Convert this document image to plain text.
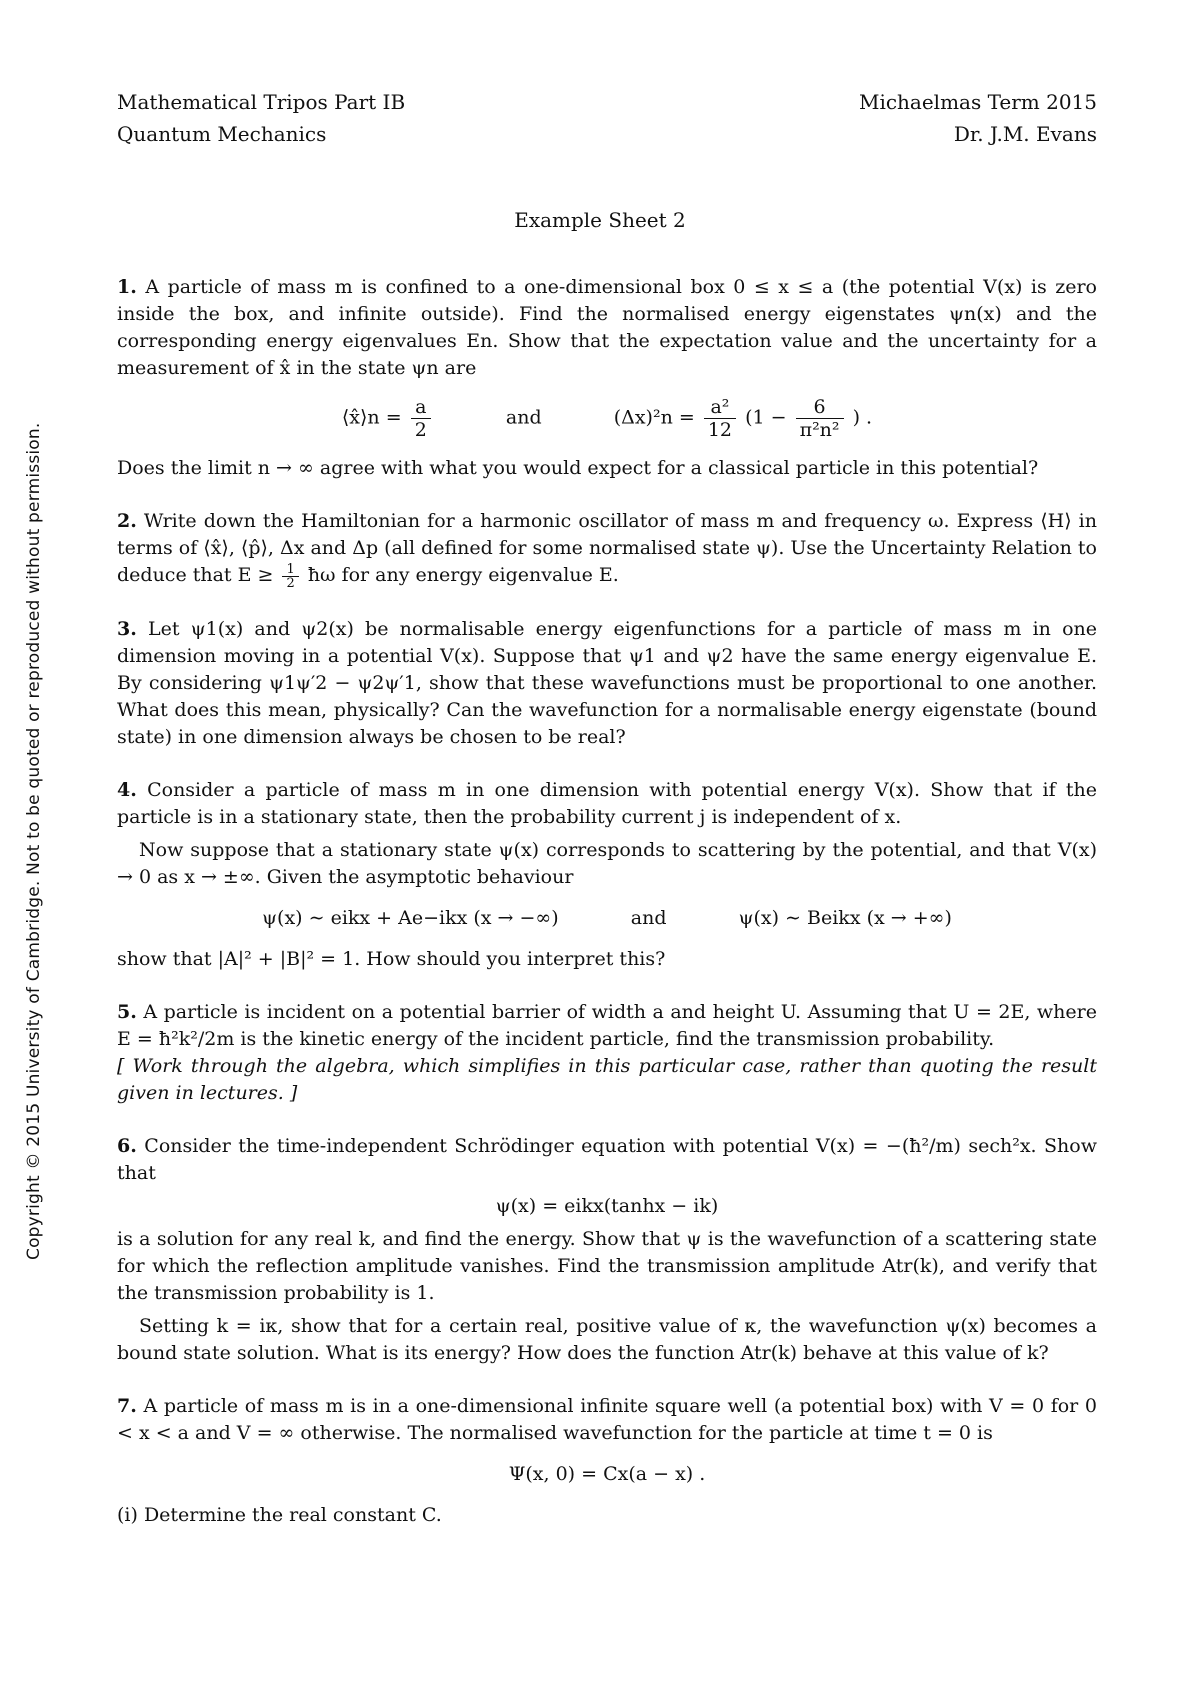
Mathematical Tripos Part IB
Quantum Mechanics
Michaelmas Term 2015
Dr. J.M. Evans
Example Sheet 2
Copyright © 2015 University of Cambridge. Not to be quoted or reproduced without permission.

1. A particle of mass m is confined to a one-dimensional box 0 ≤ x ≤ a (the potential V(x) is zero inside the box, and infinite outside). Find the normalised energy eigenstates ψn(x) and the corresponding energy eigenvalues En. Show that the expectation value and the uncertainty for a measurement of x̂ in the state ψn are

⟨x̂⟩n = $\frac{a}{2}$	and	$(\Delta x)^2n = \frac{\text{a²}}{12} (1 - \frac{6}{\text{π²n²}}$ ) .

Does the limit n → ∞ agree with what you would expect for a classical particle in this potential?

2. Write down the Hamiltonian for a harmonic oscillator of mass m and frequency ω. Express ⟨H⟩ in terms of ⟨x̂⟩, ⟨p̂⟩, Δx and Δp (all defined for some normalised state ψ). Use the Uncertainty Relation to deduce that $E \ge \frac{1}{2}$ ħω for any energy eigenvalue E.

3. Let ψ1(x) and ψ2(x) be normalisable energy eigenfunctions for a particle of mass m in one dimension moving in a potential V(x). Suppose that ψ1 and ψ2 have the same energy eigenvalue E. By considering ψ1ψ′2 − ψ2ψ′1, show that these wavefunctions must be proportional to one another. What does this mean, physically? Can the wavefunction for a normalisable energy eigenstate (bound state) in one dimension always be chosen to be real?

4. Consider a particle of mass m in one dimension with potential energy V(x). Show that if the particle is in a stationary state, then the probability current j is independent of x.

Now suppose that a stationary state ψ(x) corresponds to scattering by the potential, and that V(x) → 0 as x → ±∞. Given the asymptotic behaviour

ψ(x) ∼ eikx + Ae−ikx (x → −∞)	and	ψ(x) ∼ Beikx (x → +∞)

show that |A|² + |B|² = 1. How should you interpret this?

5. A particle is incident on a potential barrier of width a and height U. Assuming that U = 2E, where E = ħ²k²/2m is the kinetic energy of the incident particle, find the transmission probability.

[ Work through the algebra, which simplifies in this particular case, rather than quoting the result given in lectures. ]

6. Consider the time-independent Schrödinger equation with potential V(x) = −(ħ²/m) sech²x. Show that

ψ(x) = eikx(tanhx − ik)

is a solution for any real k, and find the energy. Show that ψ is the wavefunction of a scattering state for which the reflection amplitude vanishes. Find the transmission amplitude Atr(k), and verify that the transmission probability is 1.

Setting k = iκ, show that for a certain real, positive value of κ, the wavefunction ψ(x) becomes a bound state solution. What is its energy? How does the function Atr(k) behave at this value of k?

7. A particle of mass m is in a one-dimensional infinite square well (a potential box) with V = 0 for 0 < x < a and V = ∞ otherwise. The normalised wavefunction for the particle at time t = 0 is

Ψ(x, 0) = Cx(a − x) .

(i) Determine the real constant C.
